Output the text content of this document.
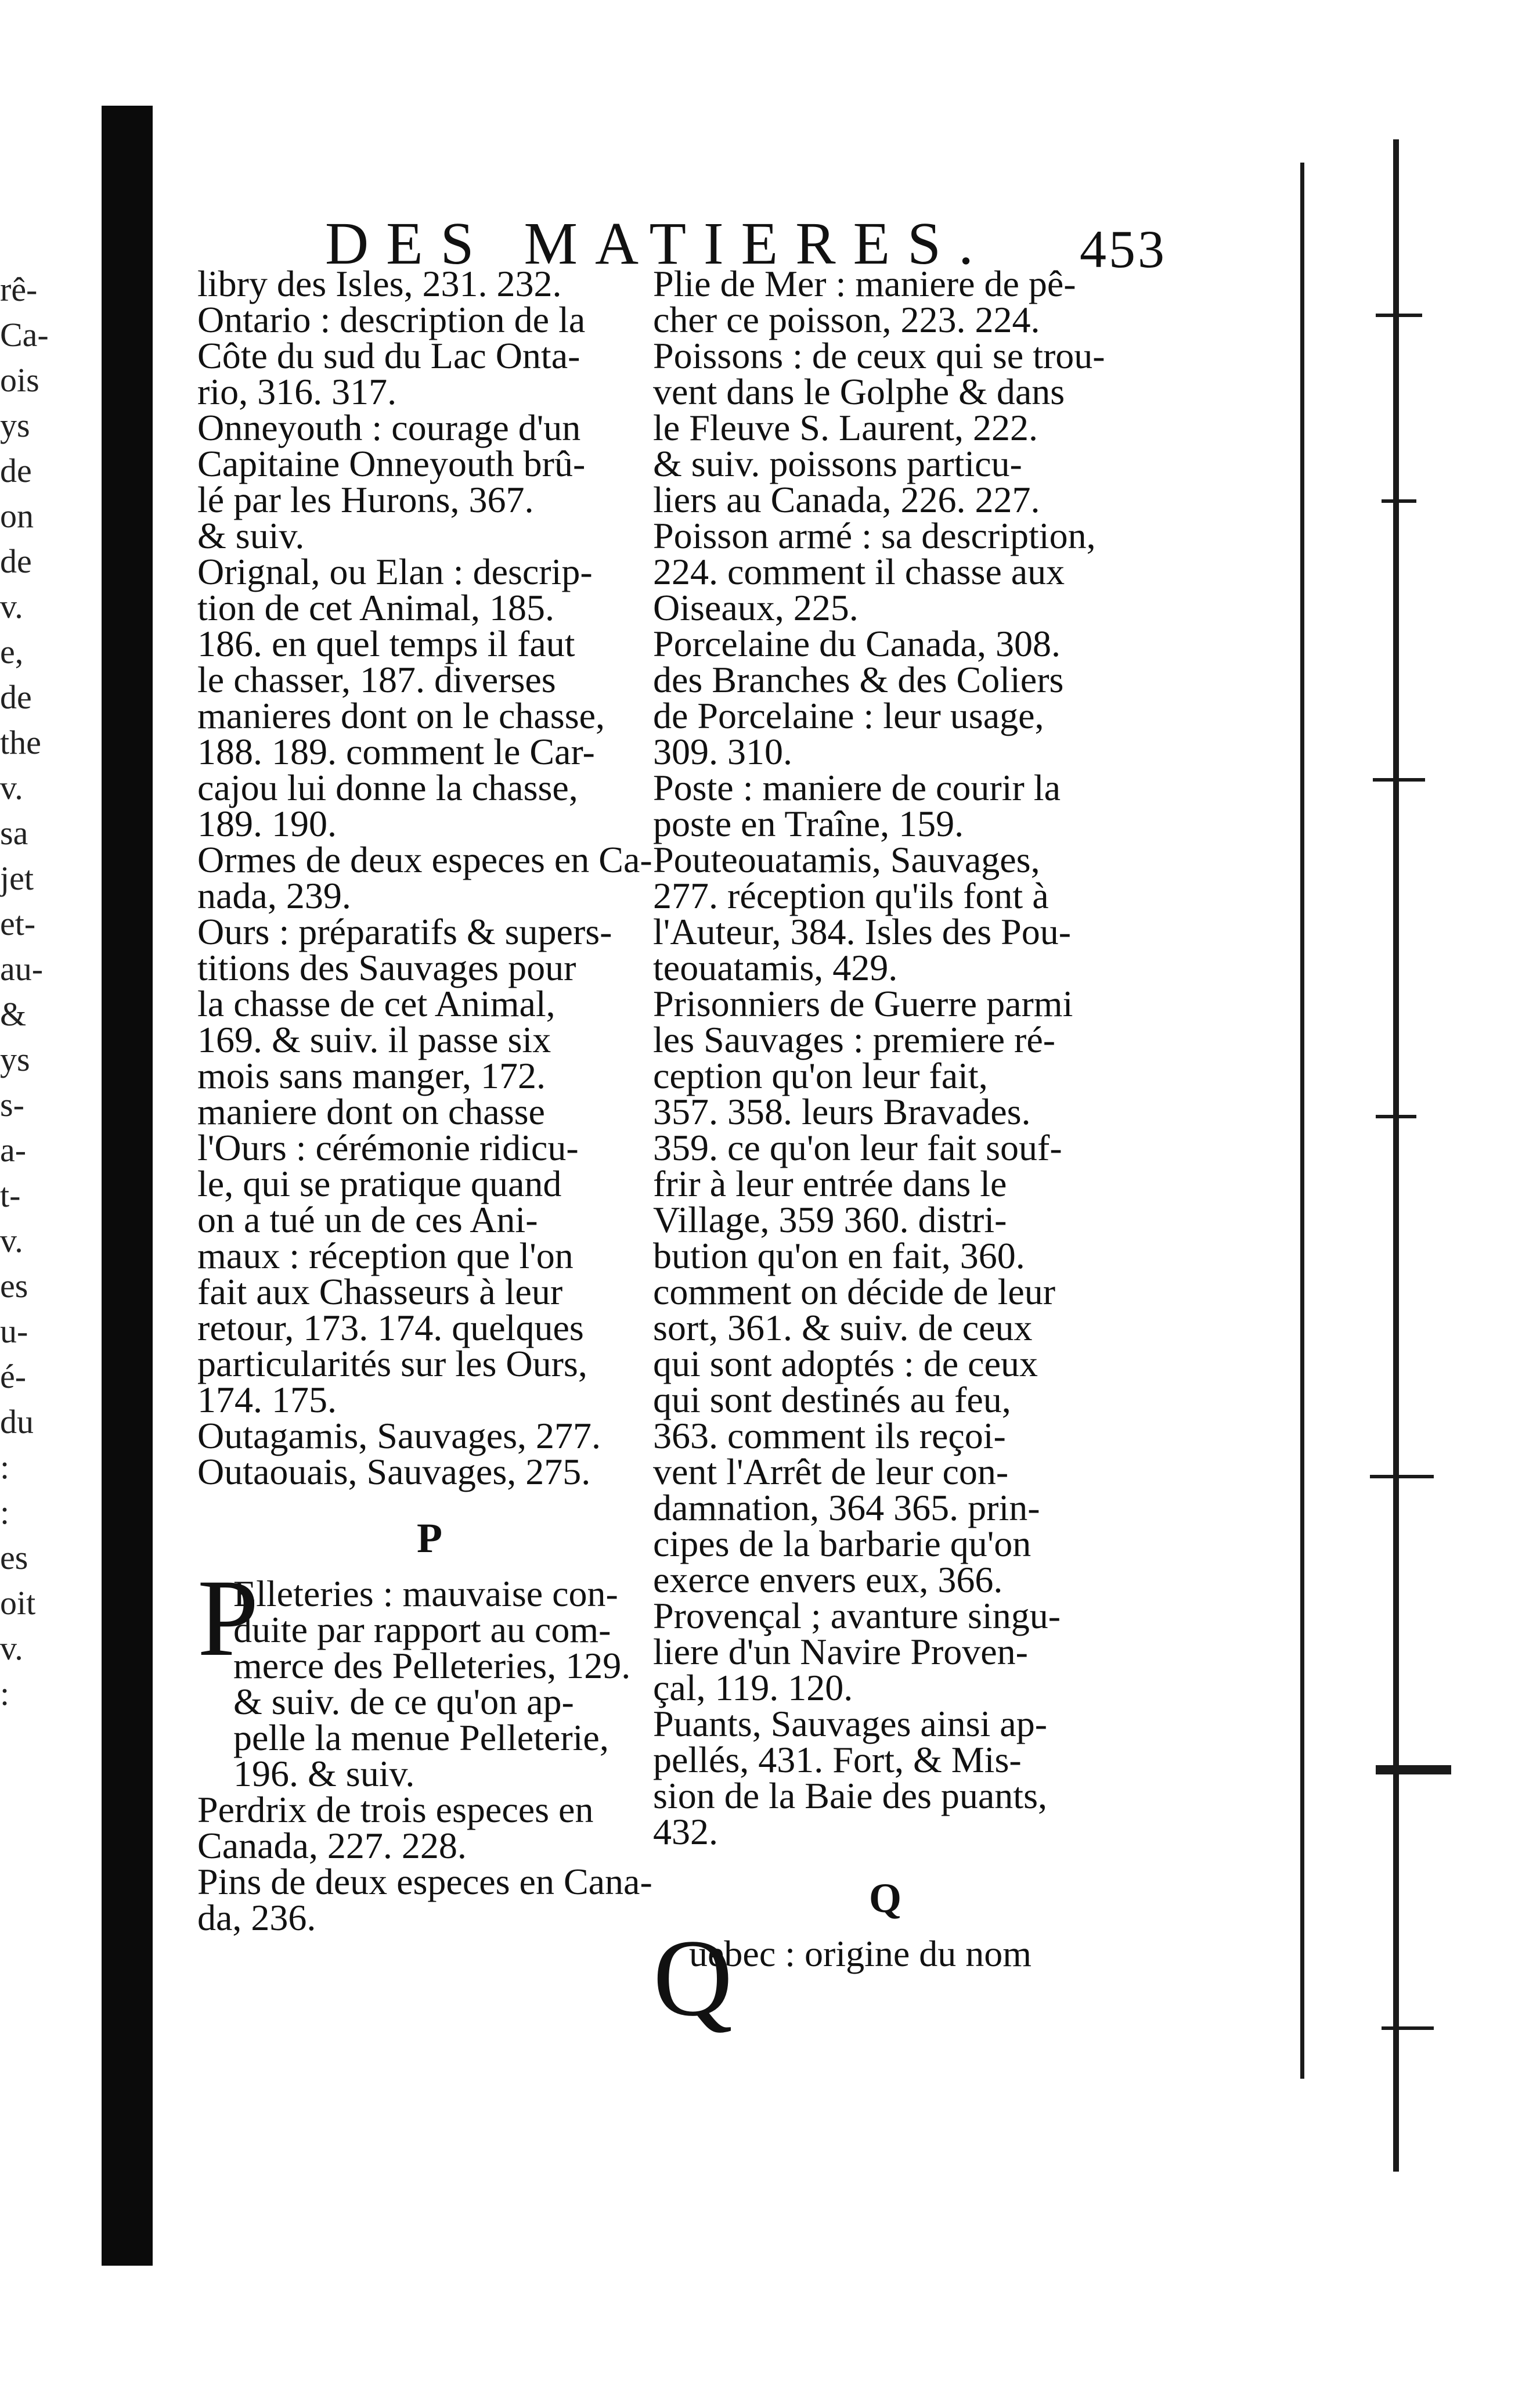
rê-
Ca-
ois
ys
de
on
de
v.
e,
de
the
v.
sa
jet
et-
au-
&
ys
s-
a-
t-
v.
es
u-
é-
du
:
:
es
oit
v.
:
DES MATIERES. 453
libry des Isles, 231. 232.
Ontario : description de la
Côte du sud du Lac Onta-
rio, 316. 317.
Onneyouth : courage d'un
Capitaine Onneyouth brû-
lé par les Hurons, 367.
& suiv.
Orignal, ou Elan : descrip-
tion de cet Animal, 185.
186. en quel temps il faut
le chasser, 187. diverses
manieres dont on le chasse,
188. 189. comment le Car-
cajou lui donne la chasse,
189. 190.
Ormes de deux especes en Ca-
nada, 239.
Ours : préparatifs & supers-
titions des Sauvages pour
la chasse de cet Animal,
169. & suiv. il passe six
mois sans manger, 172.
maniere dont on chasse
l'Ours : cérémonie ridicu-
le, qui se pratique quand
on a tué un de ces Ani-
maux : réception que l'on
fait aux Chasseurs à leur
retour, 173. 174. quelques
particularités sur les Ours,
174. 175.
Outagamis, Sauvages, 277.
Outaouais, Sauvages, 275.
P
P
Elleteries : mauvaise con-
duite par rapport au com-
merce des Pelleteries, 129.
& suiv. de ce qu'on ap-
pelle la menue Pelleterie,
196. & suiv.
Perdrix de trois especes en
Canada, 227. 228.
Pins de deux especes en Cana-
da, 236.
Plie de Mer : maniere de pê-
cher ce poisson, 223. 224.
Poissons : de ceux qui se trou-
vent dans le Golphe & dans
le Fleuve S. Laurent, 222.
& suiv. poissons particu-
liers au Canada, 226. 227.
Poisson armé : sa description,
224. comment il chasse aux
Oiseaux, 225.
Porcelaine du Canada, 308.
des Branches & des Coliers
de Porcelaine : leur usage,
309. 310.
Poste : maniere de courir la
poste en Traîne, 159.
Pouteouatamis, Sauvages,
277. réception qu'ils font à
l'Auteur, 384. Isles des Pou-
teouatamis, 429.
Prisonniers de Guerre parmi
les Sauvages : premiere ré-
ception qu'on leur fait,
357. 358. leurs Bravades.
359. ce qu'on leur fait souf-
frir à leur entrée dans le
Village, 359 360. distri-
bution qu'on en fait, 360.
comment on décide de leur
sort, 361. & suiv. de ceux
qui sont adoptés : de ceux
qui sont destinés au feu,
363. comment ils reçoi-
vent l'Arrêt de leur con-
damnation, 364 365. prin-
cipes de la barbarie qu'on
exerce envers eux, 366.
Provençal ; avanture singu-
liere d'un Navire Proven-
çal, 119. 120.
Puants, Sauvages ainsi ap-
pellés, 431. Fort, & Mis-
sion de la Baie des puants,
432.
Q
Q
uebec : origine du nom
